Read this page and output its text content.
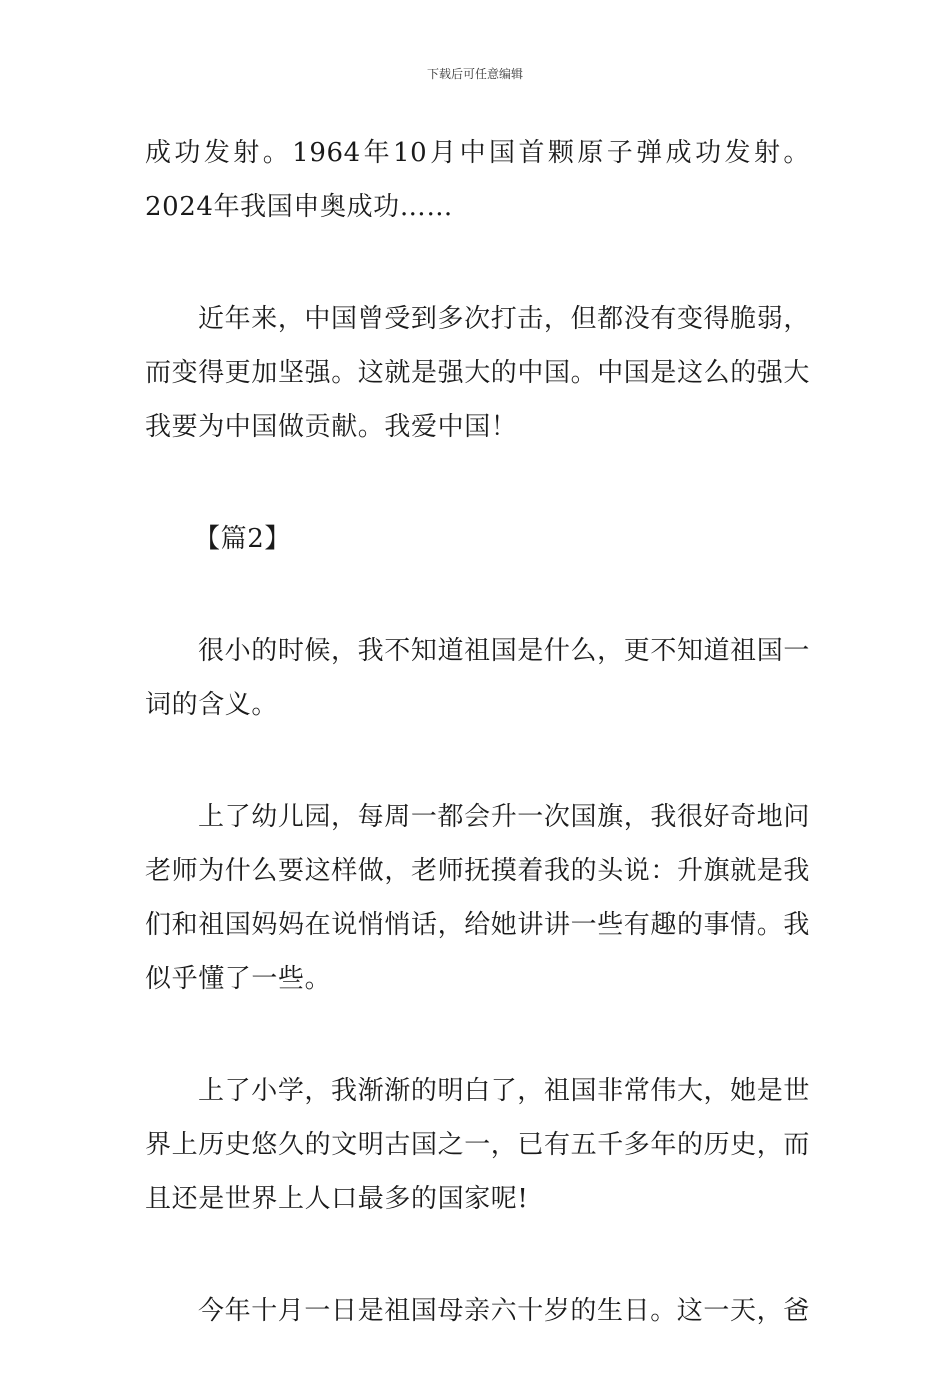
下载后可任意编辑

成功发射。1964年10月中国首颗原子弹成功发射。2024年我国申奥成功……

近年来，中国曾受到多次打击，但都没有变得脆弱，而变得更加坚强。这就是强大的中国。中国是这么的强大我要为中国做贡献。我爱中国！

【篇2】

很小的时候，我不知道祖国是什么，更不知道祖国一词的含义。

上了幼儿园，每周一都会升一次国旗，我很好奇地问老师为什么要这样做，老师抚摸着我的头说：升旗就是我们和祖国妈妈在说悄悄话，给她讲讲一些有趣的事情。我似乎懂了一些。

上了小学，我渐渐的明白了，祖国非常伟大，她是世界上历史悠久的文明古国之一，已有五千多年的历史，而且还是世界上人口最多的国家呢!

今年十月一日是祖国母亲六十岁的生日。这一天，爸
